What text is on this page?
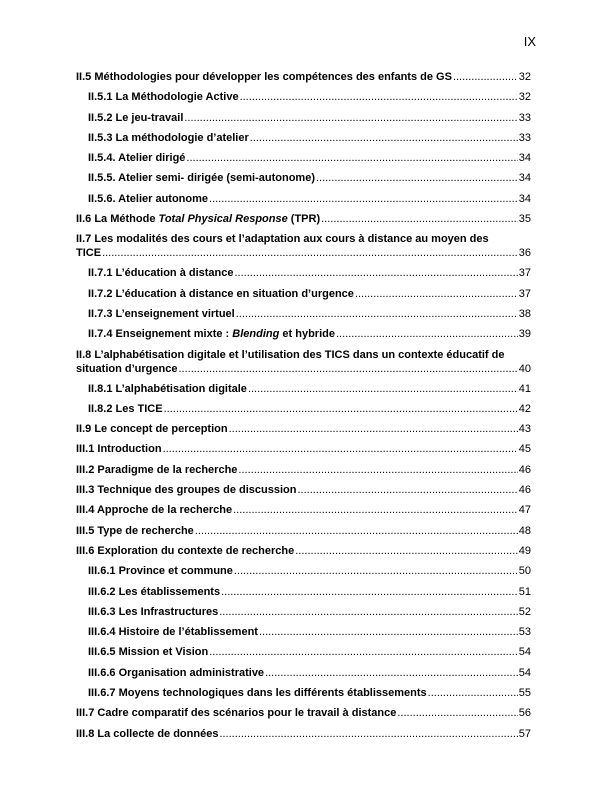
IX
II.5 Méthodologies pour développer les compétences des enfants de GS .....	32
II.5.1 La Méthodologie Active .....	32
II.5.2 Le jeu-travail .....	33
II.5.3 La méthodologie d’atelier .....	33
II.5.4. Atelier dirigé .....	34
II.5.5. Atelier semi- dirigée (semi-autonome) .....	34
II.5.6. Atelier autonome .....	34
II.6 La Méthode Total Physical Response (TPR) .....	35
II.7 Les modalités des cours et l’adaptation aux cours à distance au moyen des
TICE .....	36
II.7.1 L’éducation à distance .....	37
II.7.2 L’éducation à distance en situation d’urgence .....	37
II.7.3 L’enseignement virtuel .....	38
II.7.4 Enseignement mixte : Blending et hybride .....	39
II.8 L’alphabétisation digitale et l’utilisation des TICS dans un contexte éducatif de
situation d’urgence .....	40
II.8.1 L’alphabétisation digitale .....	41
II.8.2 Les TICE .....	42
II.9 Le concept de perception .....	43
III.1 Introduction .....	45
III.2 Paradigme de la recherche .....	46
III.3 Technique des groupes de discussion .....	46
III.4 Approche de la recherche .....	47
III.5 Type de recherche .....	48
III.6 Exploration du contexte de recherche .....	49
III.6.1 Province et commune .....	50
III.6.2 Les établissements .....	51
III.6.3 Les Infrastructures .....	52
III.6.4 Histoire de l’établissement .....	53
III.6.5 Mission et Vision .....	54
III.6.6 Organisation administrative .....	54
III.6.7 Moyens technologiques dans les différents établissements .....	55
III.7 Cadre comparatif des scénarios pour le travail à distance .....	56
III.8 La collecte de données .....	57
